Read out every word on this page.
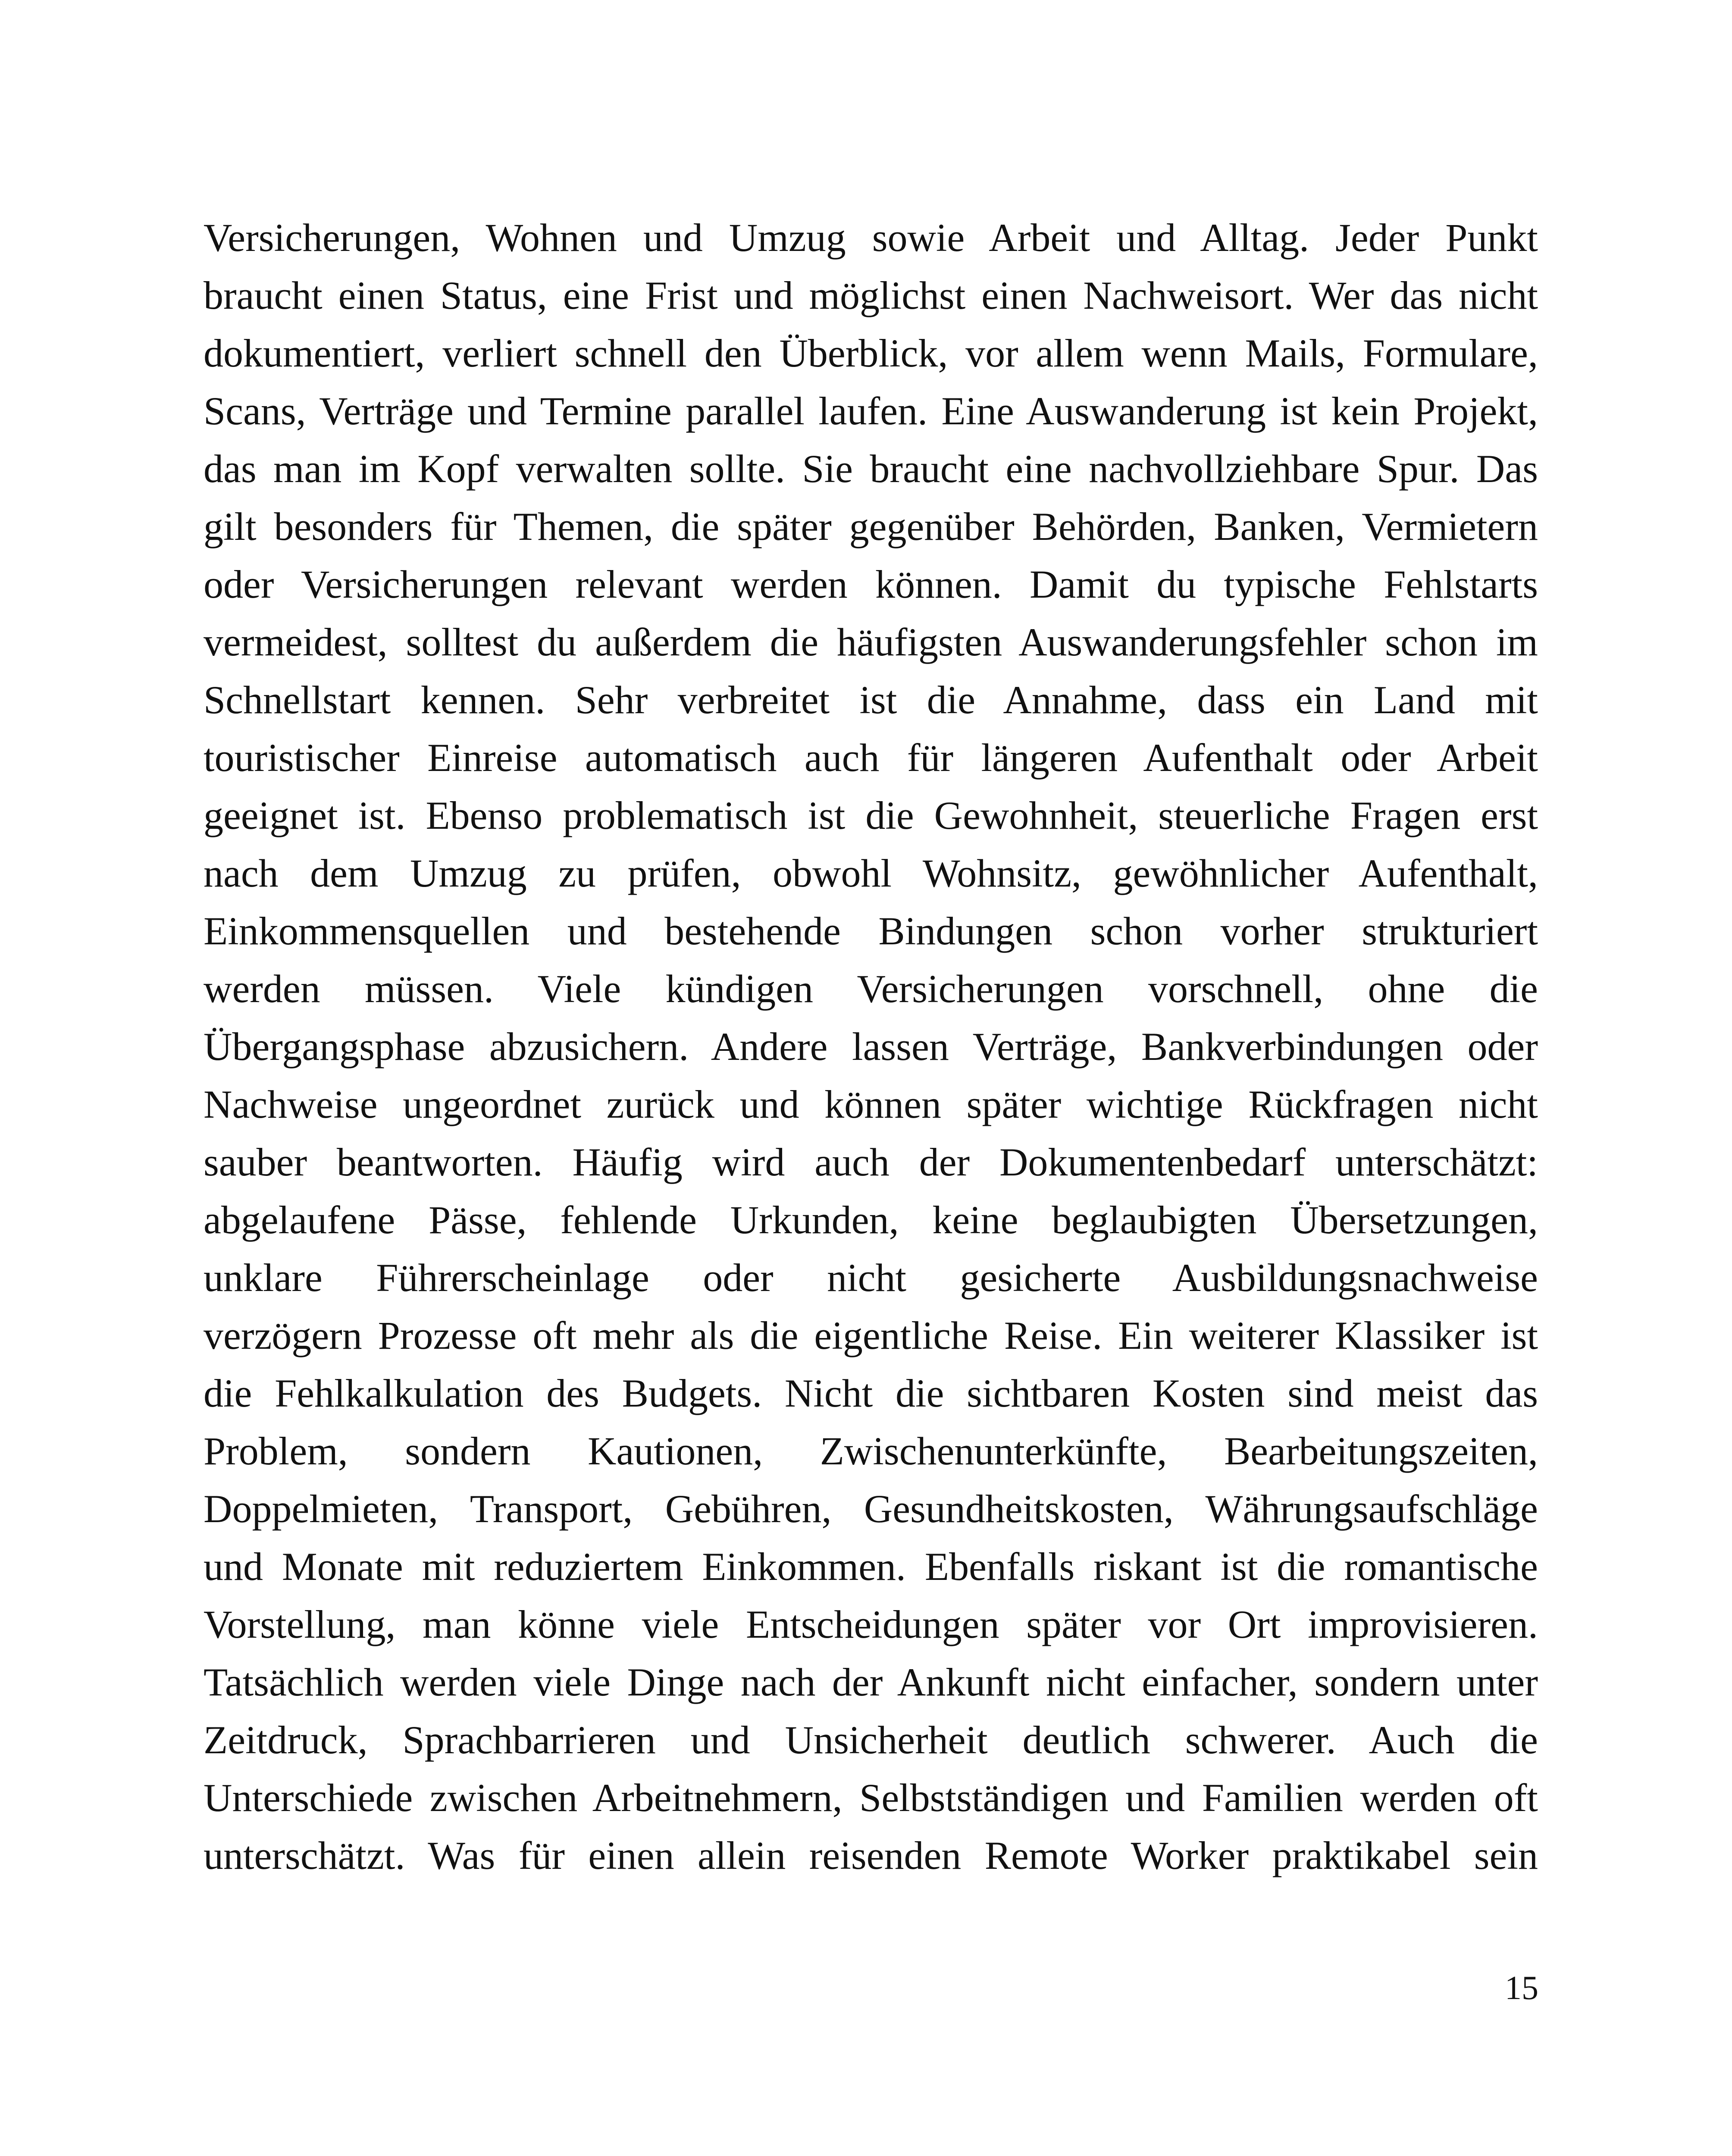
Versicherungen, Wohnen und Umzug sowie Arbeit und Alltag. Jeder Punkt
braucht einen Status, eine Frist und möglichst einen Nachweisort. Wer das nicht
dokumentiert, verliert schnell den Überblick, vor allem wenn Mails, Formulare,
Scans, Verträge und Termine parallel laufen. Eine Auswanderung ist kein Projekt,
das man im Kopf verwalten sollte. Sie braucht eine nachvollziehbare Spur. Das
gilt besonders für Themen, die später gegenüber Behörden, Banken, Vermietern
oder Versicherungen relevant werden können. Damit du typische Fehlstarts
vermeidest, solltest du außerdem die häufigsten Auswanderungsfehler schon im
Schnellstart kennen. Sehr verbreitet ist die Annahme, dass ein Land mit
touristischer Einreise automatisch auch für längeren Aufenthalt oder Arbeit
geeignet ist. Ebenso problematisch ist die Gewohnheit, steuerliche Fragen erst
nach dem Umzug zu prüfen, obwohl Wohnsitz, gewöhnlicher Aufenthalt,
Einkommensquellen und bestehende Bindungen schon vorher strukturiert
werden müssen. Viele kündigen Versicherungen vorschnell, ohne die
Übergangsphase abzusichern. Andere lassen Verträge, Bankverbindungen oder
Nachweise ungeordnet zurück und können später wichtige Rückfragen nicht
sauber beantworten. Häufig wird auch der Dokumentenbedarf unterschätzt:
abgelaufene Pässe, fehlende Urkunden, keine beglaubigten Übersetzungen,
unklare Führerscheinlage oder nicht gesicherte Ausbildungsnachweise
verzögern Prozesse oft mehr als die eigentliche Reise. Ein weiterer Klassiker ist
die Fehlkalkulation des Budgets. Nicht die sichtbaren Kosten sind meist das
Problem, sondern Kautionen, Zwischenunterkünfte, Bearbeitungszeiten,
Doppelmieten, Transport, Gebühren, Gesundheitskosten, Währungsaufschläge
und Monate mit reduziertem Einkommen. Ebenfalls riskant ist die romantische
Vorstellung, man könne viele Entscheidungen später vor Ort improvisieren.
Tatsächlich werden viele Dinge nach der Ankunft nicht einfacher, sondern unter
Zeitdruck, Sprachbarrieren und Unsicherheit deutlich schwerer. Auch die
Unterschiede zwischen Arbeitnehmern, Selbstständigen und Familien werden oft
unterschätzt. Was für einen allein reisenden Remote Worker praktikabel sein
15
